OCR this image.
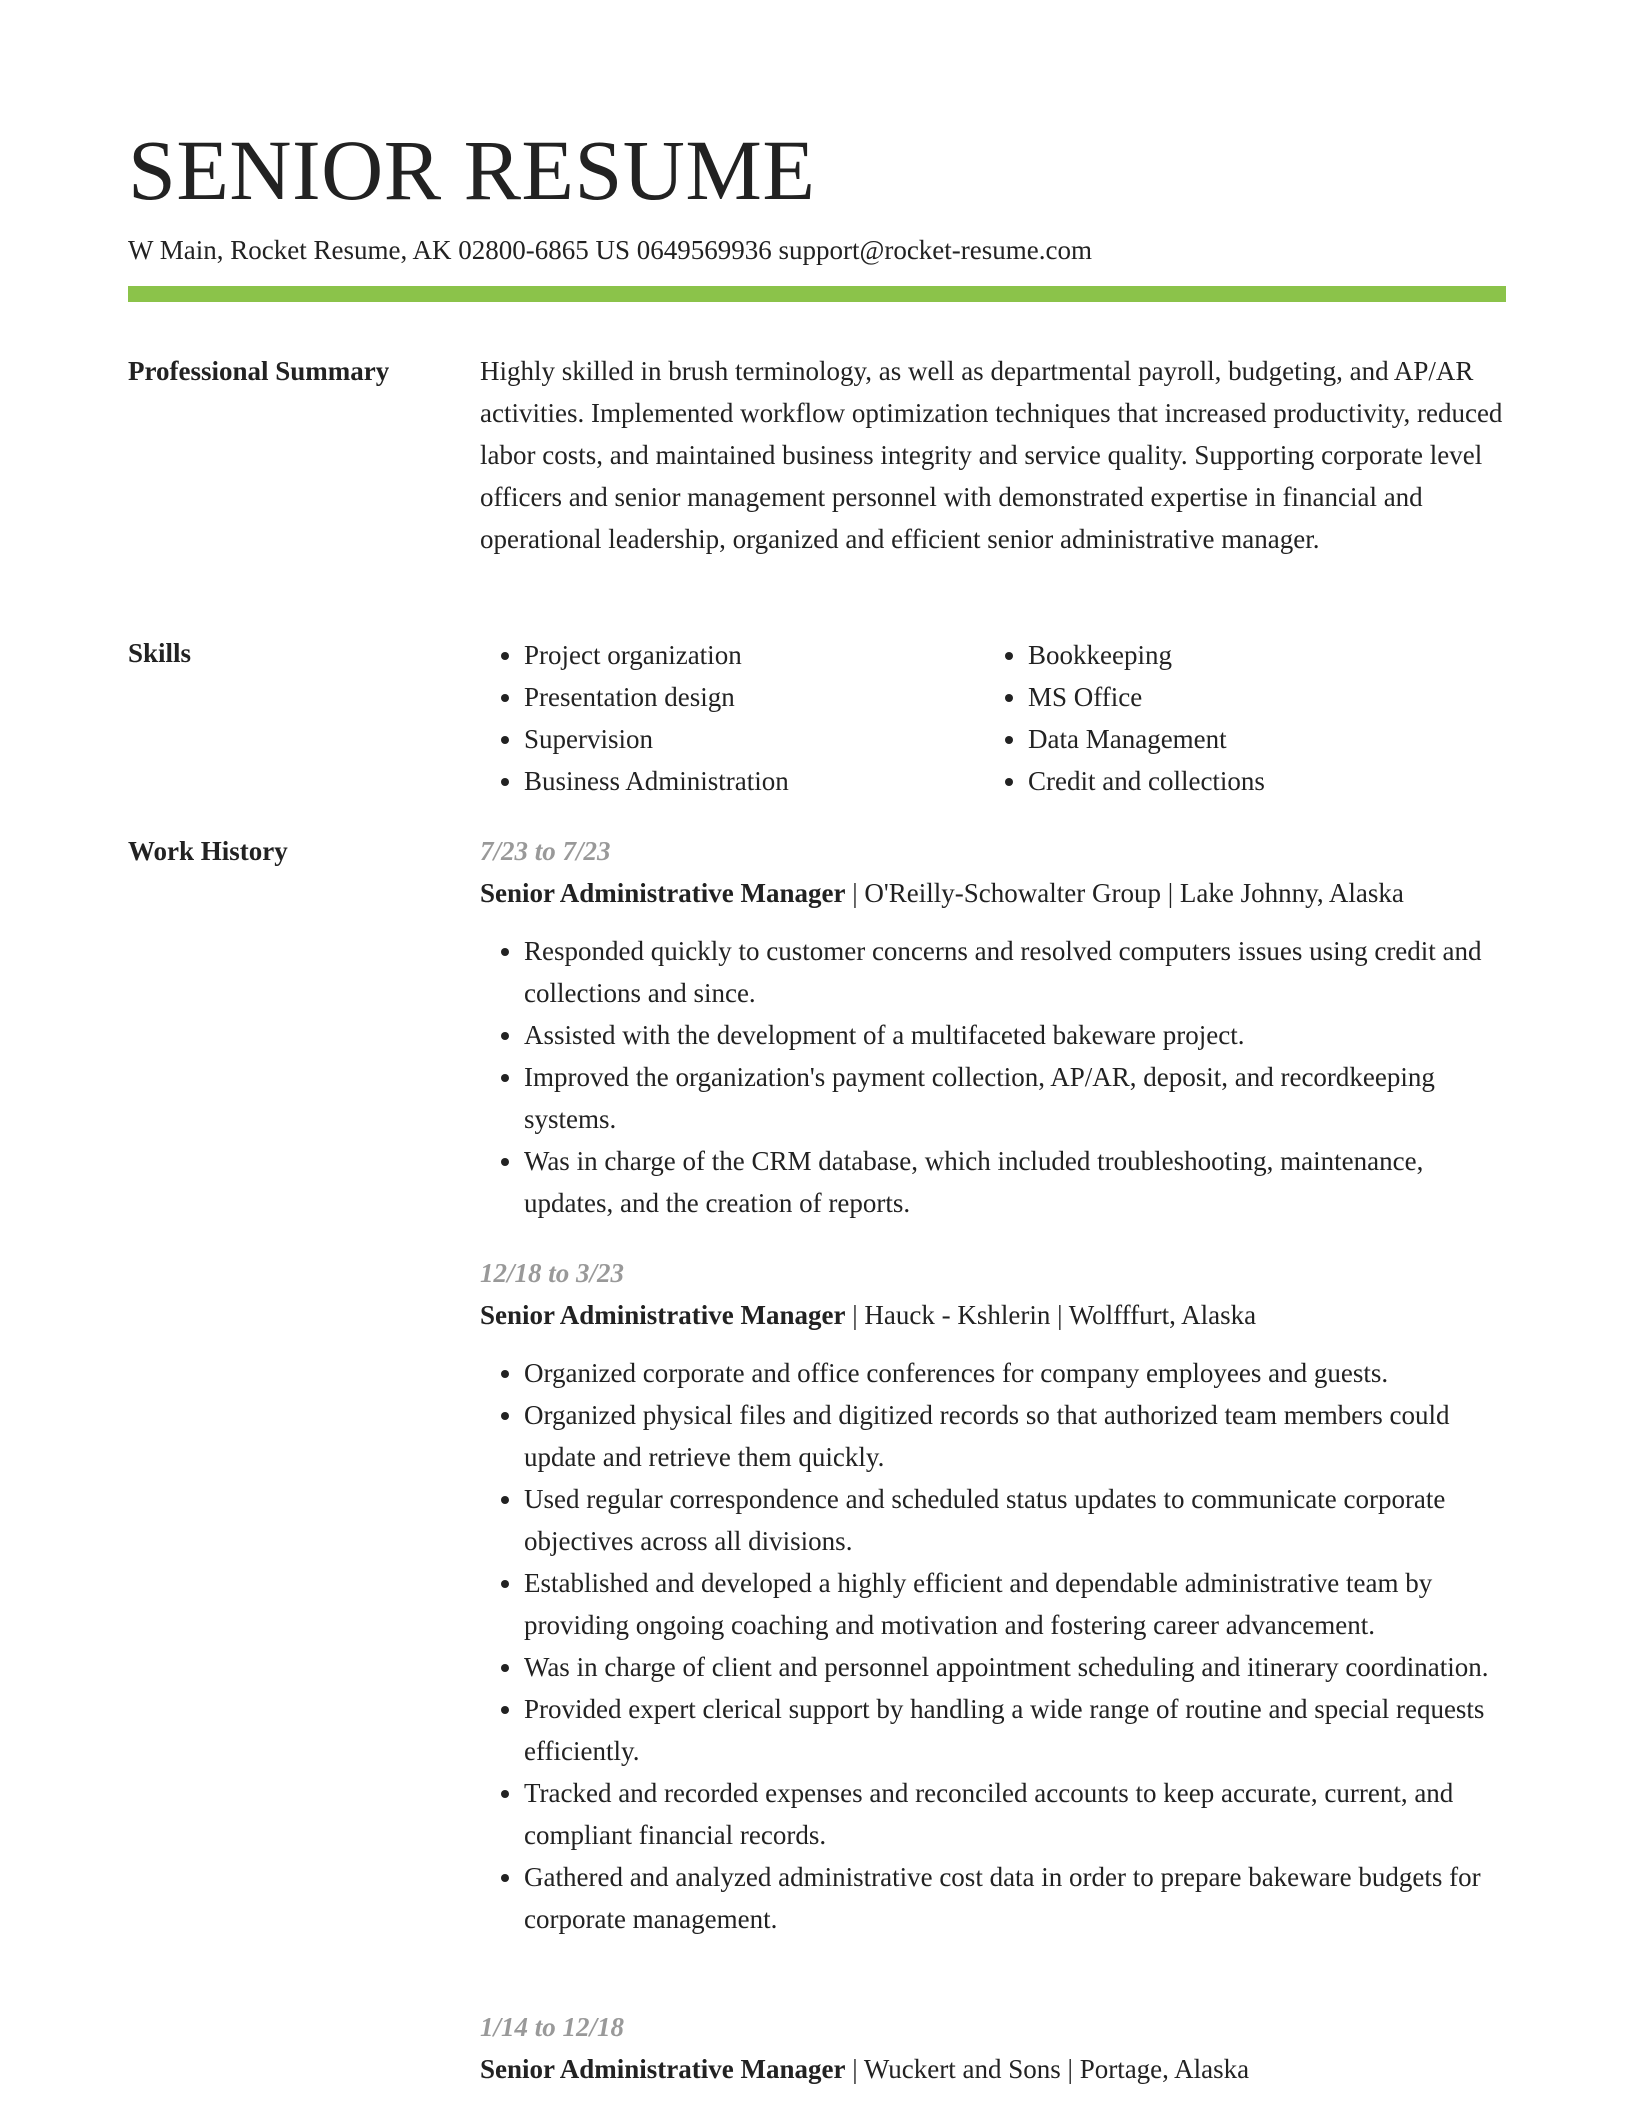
SENIOR RESUME
W Main, Rocket Resume, AK 02800-6865 US 0649569936 support@rocket-resume.com
Professional Summary	Highly skilled in brush terminology, as well as departmental payroll, budgeting, and AP/AR activities. Implemented workflow optimization techniques that increased productivity, reduced labor costs, and maintained business integrity and service quality. Supporting corporate level officers and senior management personnel with demonstrated expertise in financial and operational leadership, organized and efficient senior administrative manager.

Skills	• Project organization
• Presentation design
• Supervision
• Business Administration
• Bookkeeping
• MS Office
• Data Management
• Credit and collections
Work History	7/23 to 7/23
Senior Administrative Manager | O'Reilly-Schowalter Group | Lake Johnny, Alaska
• Responded quickly to customer concerns and resolved computers issues using credit and collections and since.
• Assisted with the development of a multifaceted bakeware project.
• Improved the organization's payment collection, AP/AR, deposit, and recordkeeping systems.
• Was in charge of the CRM database, which included troubleshooting, maintenance, updates, and the creation of reports.
12/18 to 3/23
Senior Administrative Manager | Hauck - Kshlerin | Wolfffurt, Alaska
• Organized corporate and office conferences for company employees and guests.
• Organized physical files and digitized records so that authorized team members could update and retrieve them quickly.
• Used regular correspondence and scheduled status updates to communicate corporate objectives across all divisions.
• Established and developed a highly efficient and dependable administrative team by providing ongoing coaching and motivation and fostering career advancement.
• Was in charge of client and personnel appointment scheduling and itinerary coordination.
• Provided expert clerical support by handling a wide range of routine and special requests efficiently.
• Tracked and recorded expenses and reconciled accounts to keep accurate, current, and compliant financial records.
• Gathered and analyzed administrative cost data in order to prepare bakeware budgets for corporate management.
1/14 to 12/18
Senior Administrative Manager | Wuckert and Sons | Portage, Alaska
